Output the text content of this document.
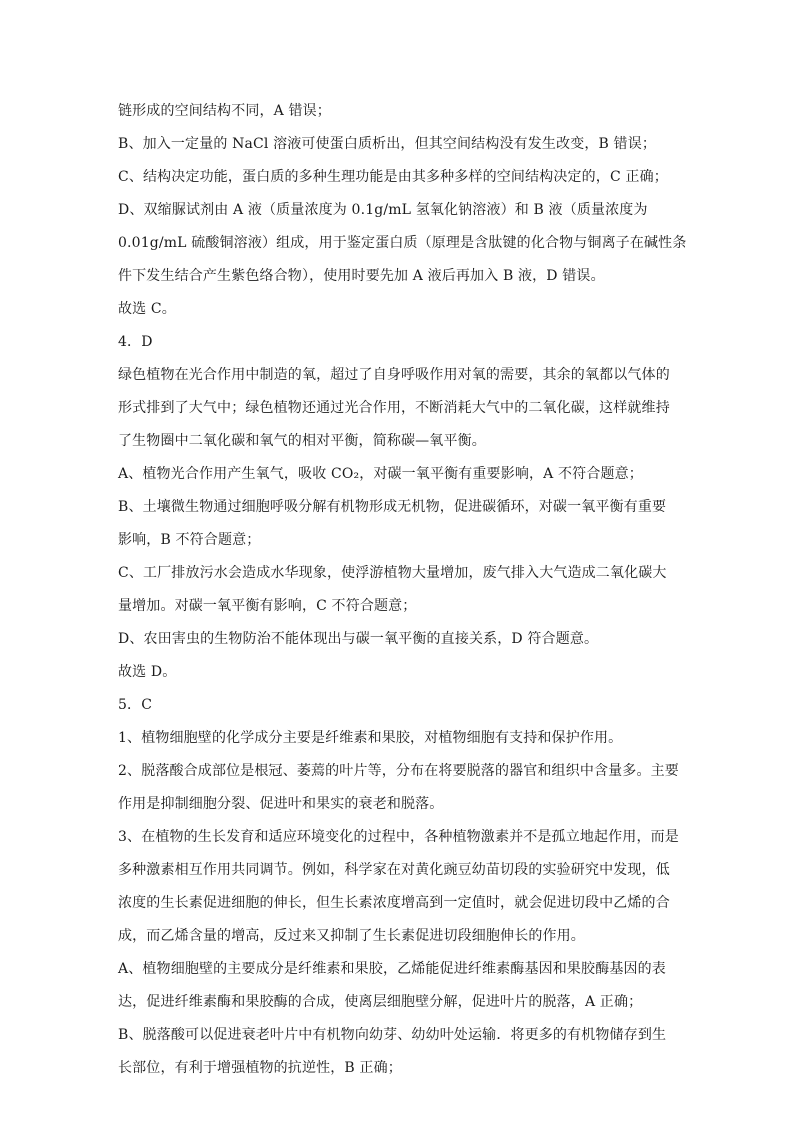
链形成的空间结构不同，A 错误；

B、加入一定量的 NaCl 溶液可使蛋白质析出，但其空间结构没有发生改变，B 错误；

C、结构决定功能，蛋白质的多种生理功能是由其多种多样的空间结构决定的，C 正确；

D、双缩脲试剂由 A 液（质量浓度为 0.1g/mL 氢氧化钠溶液）和 B 液（质量浓度为

0.01g/mL 硫酸铜溶液）组成，用于鉴定蛋白质（原理是含肽键的化合物与铜离子在碱性条

件下发生结合产生紫色络合物），使用时要先加 A 液后再加入 B 液，D 错误。

故选 C。

4．D

绿色植物在光合作用中制造的氧，超过了自身呼吸作用对氧的需要，其余的氧都以气体的

形式排到了大气中；绿色植物还通过光合作用，不断消耗大气中的二氧化碳，这样就维持

了生物圈中二氧化碳和氧气的相对平衡，简称碳—氧平衡。

A、植物光合作用产生氧气，吸收 CO₂，对碳一氧平衡有重要影响，A 不符合题意；

B、土壤微生物通过细胞呼吸分解有机物形成无机物，促进碳循环，对碳一氧平衡有重要

影响，B 不符合题意；

C、工厂排放污水会造成水华现象，使浮游植物大量增加，废气排入大气造成二氧化碳大

量增加。对碳一氧平衡有影响，C 不符合题意；

D、农田害虫的生物防治不能体现出与碳一氧平衡的直接关系，D 符合题意。

故选 D。

5．C

1、植物细胞壁的化学成分主要是纤维素和果胶，对植物细胞有支持和保护作用。

2、脱落酸合成部位是根冠、萎蔫的叶片等，分布在将要脱落的器官和组织中含量多。主要

作用是抑制细胞分裂、促进叶和果实的衰老和脱落。

3、在植物的生长发育和适应环境变化的过程中，各种植物激素并不是孤立地起作用，而是

多种激素相互作用共同调节。例如，科学家在对黄化豌豆幼苗切段的实验研究中发现，低

浓度的生长素促进细胞的伸长，但生长素浓度增高到一定值时，就会促进切段中乙烯的合

成，而乙烯含量的增高，反过来又抑制了生长素促进切段细胞伸长的作用。

A、植物细胞壁的主要成分是纤维素和果胶，乙烯能促进纤维素酶基因和果胶酶基因的表

达，促进纤维素酶和果胶酶的合成，使离层细胞壁分解，促进叶片的脱落，A 正确；

B、脱落酸可以促进衰老叶片中有机物向幼芽、幼幼叶处运输．将更多的有机物储存到生

长部位，有利于增强植物的抗逆性，B 正确；
